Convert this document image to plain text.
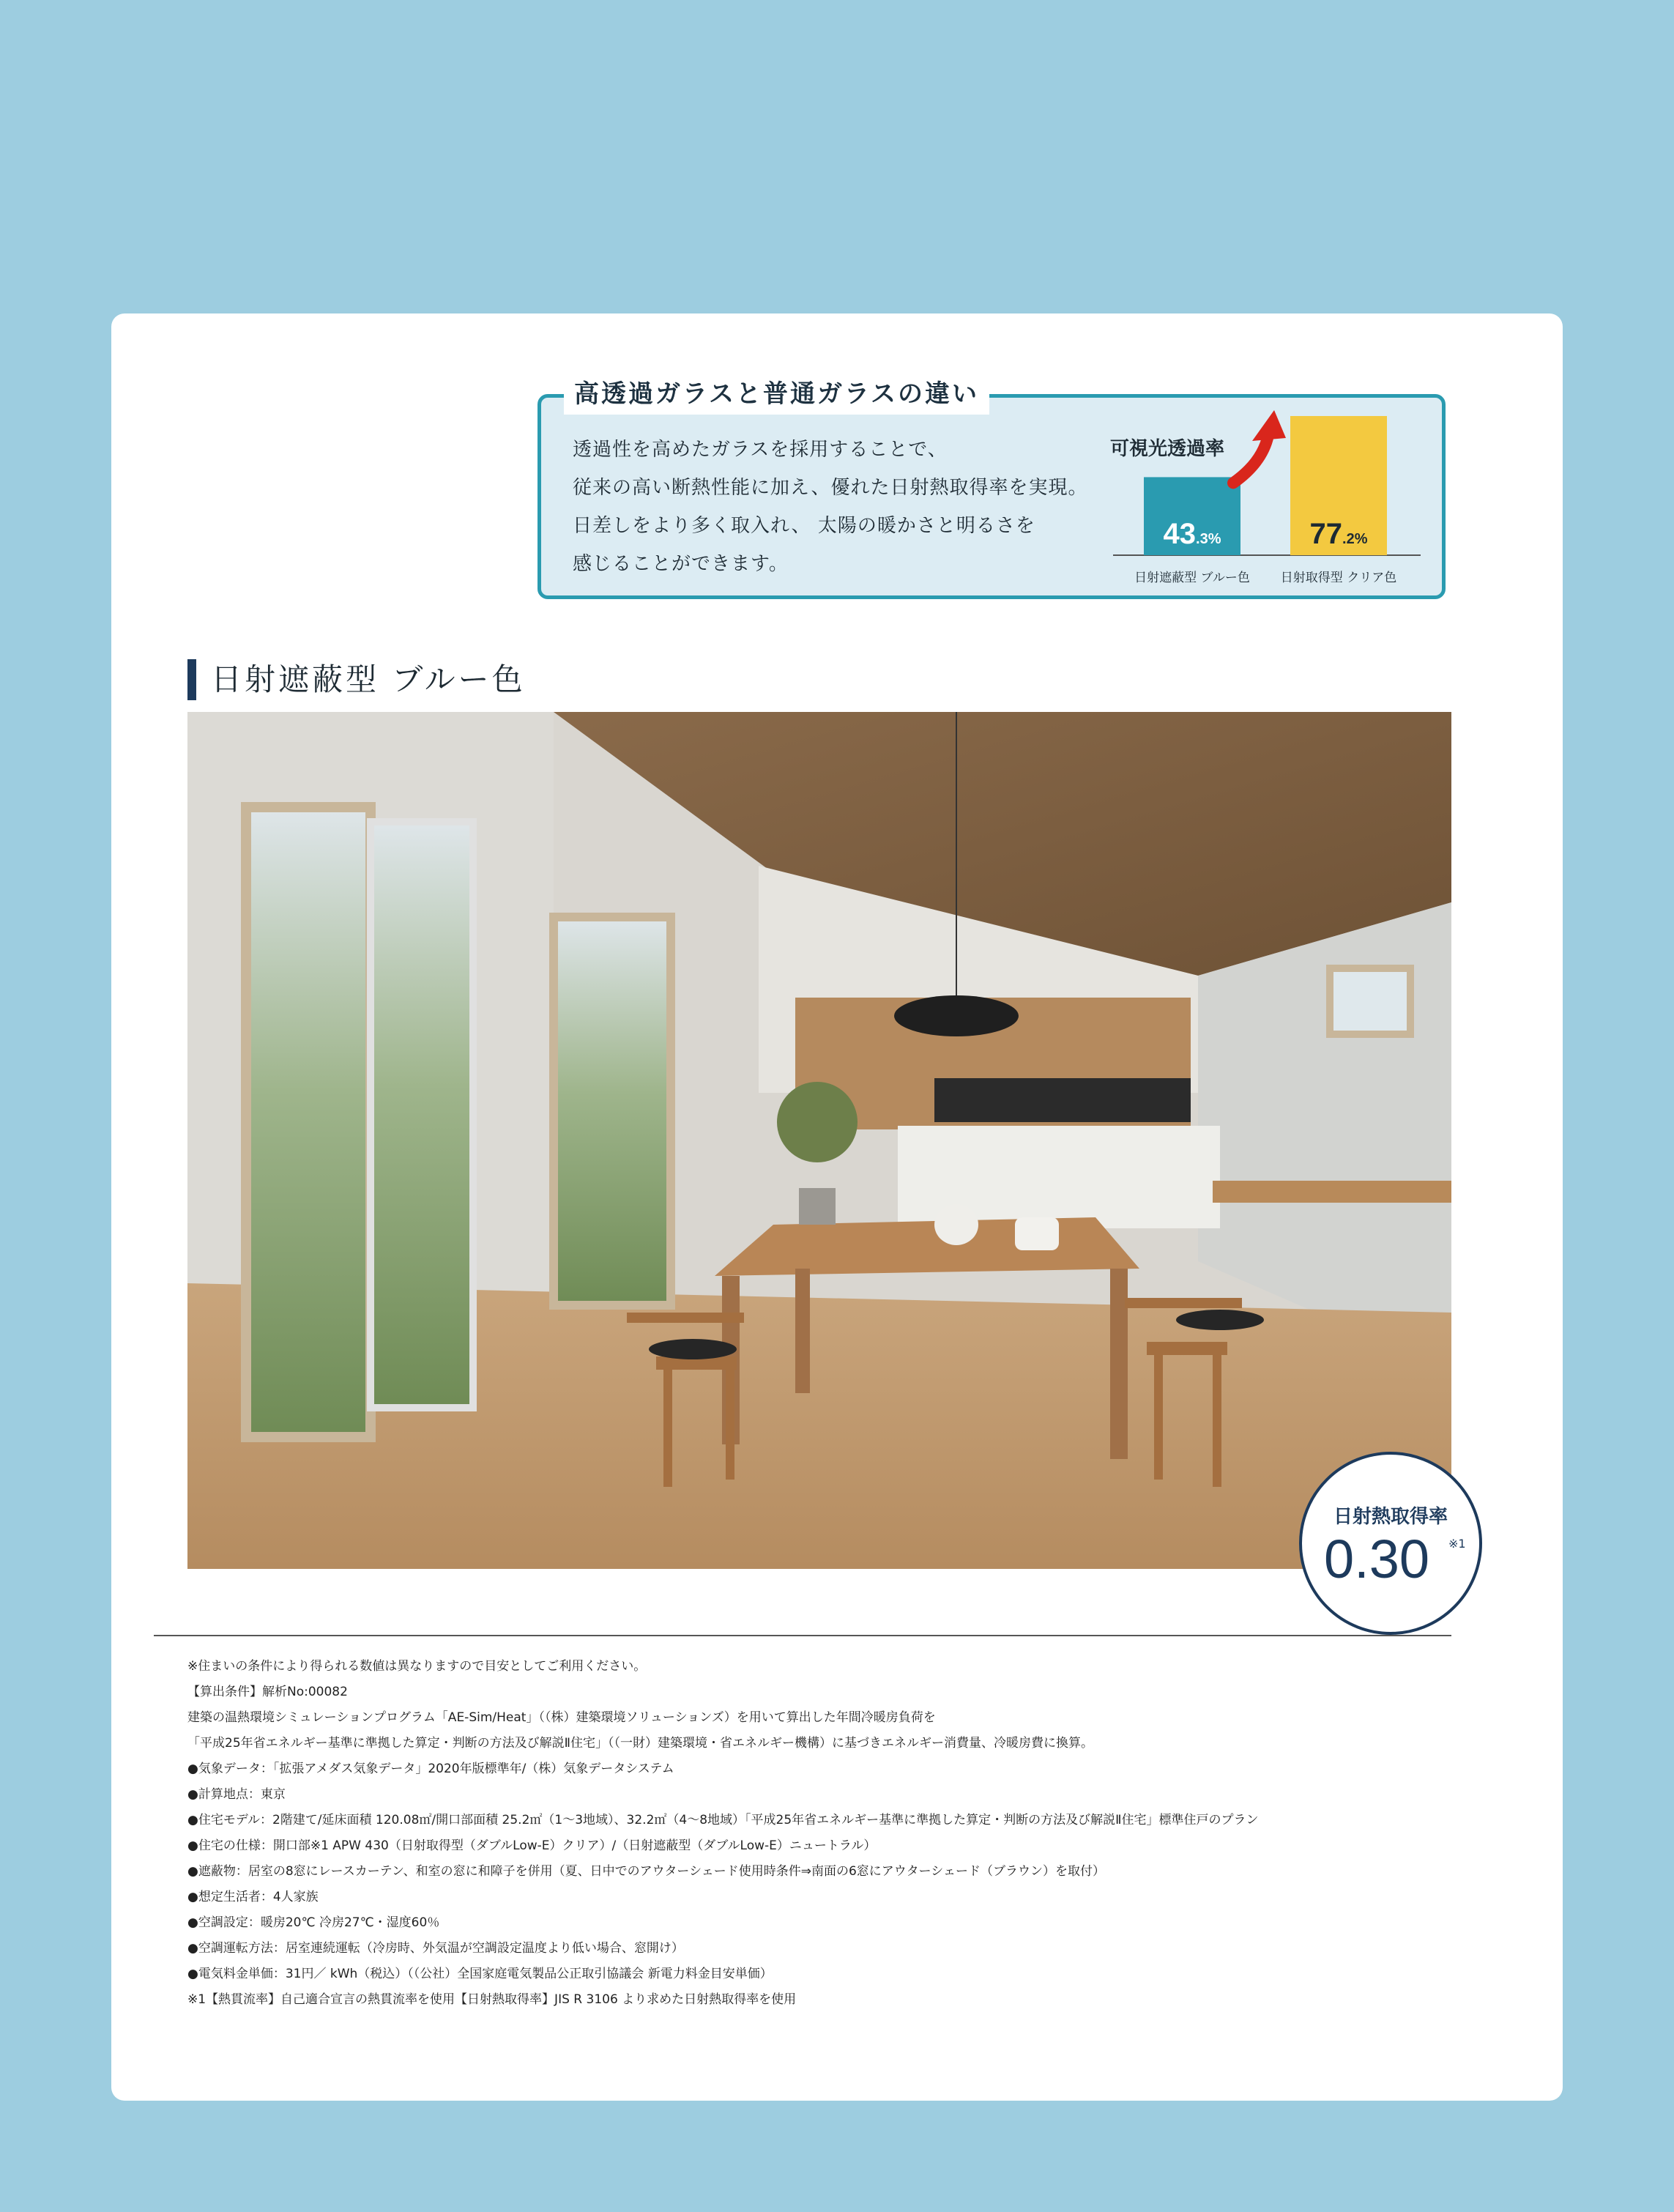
高透過ガラスと普通ガラスの違い

透過性を高めたガラスを採用することで、

従来の高い断熱性能に加え、優れた日射熱取得率を実現。

日差しをより多く取入れ、 太陽の暖かさと明るさを

感じることができます。

可視光透過率
43.3%
日射遮蔽型 ブルー色
77.2%
日射取得型 クリア色
日射遮蔽型 ブルー色
日射熱取得率
0.30 ※1

※住まいの条件により得られる数値は異なりますので目安としてご利用ください。

【算出条件】解析No:00082

建築の温熱環境シミュレーションプログラム「AE-Sim/Heat」（（株）建築環境ソリューションズ）を用いて算出した年間冷暖房負荷を

「平成25年省エネルギー基準に準拠した算定・判断の方法及び解説Ⅱ住宅」（（一財）建築環境・省エネルギー機構）に基づきエネルギー消費量、冷暖房費に換算。

●気象データ：「拡張アメダス気象データ」2020年版標準年/（株）気象データシステム

●計算地点：東京

●住宅モデル：2階建て/延床面積 120.08㎡/開口部面積 25.2㎡（1～3地域）、32.2㎡（4～8地域）「平成25年省エネルギー基準に準拠した算定・判断の方法及び解説Ⅱ住宅」標準住戸のプラン

●住宅の仕様：開口部※1 APW 430（日射取得型（ダブルLow-E）クリア）/（日射遮蔽型（ダブルLow-E）ニュートラル）

●遮蔽物：居室の8窓にレースカーテン、和室の窓に和障子を併用（夏、日中でのアウターシェード使用時条件⇒南面の6窓にアウターシェード（ブラウン）を取付）

●想定生活者：4人家族

●空調設定：暖房20℃ 冷房27℃・湿度60％

●空調運転方法：居室連続運転（冷房時、外気温が空調設定温度より低い場合、窓開け）

●電気料金単価：31円／ kWh（税込）（（公社）全国家庭電気製品公正取引協議会 新電力料金目安単価）

※1【熱貫流率】自己適合宣言の熱貫流率を使用【日射熱取得率】JIS R 3106 より求めた日射熱取得率を使用
